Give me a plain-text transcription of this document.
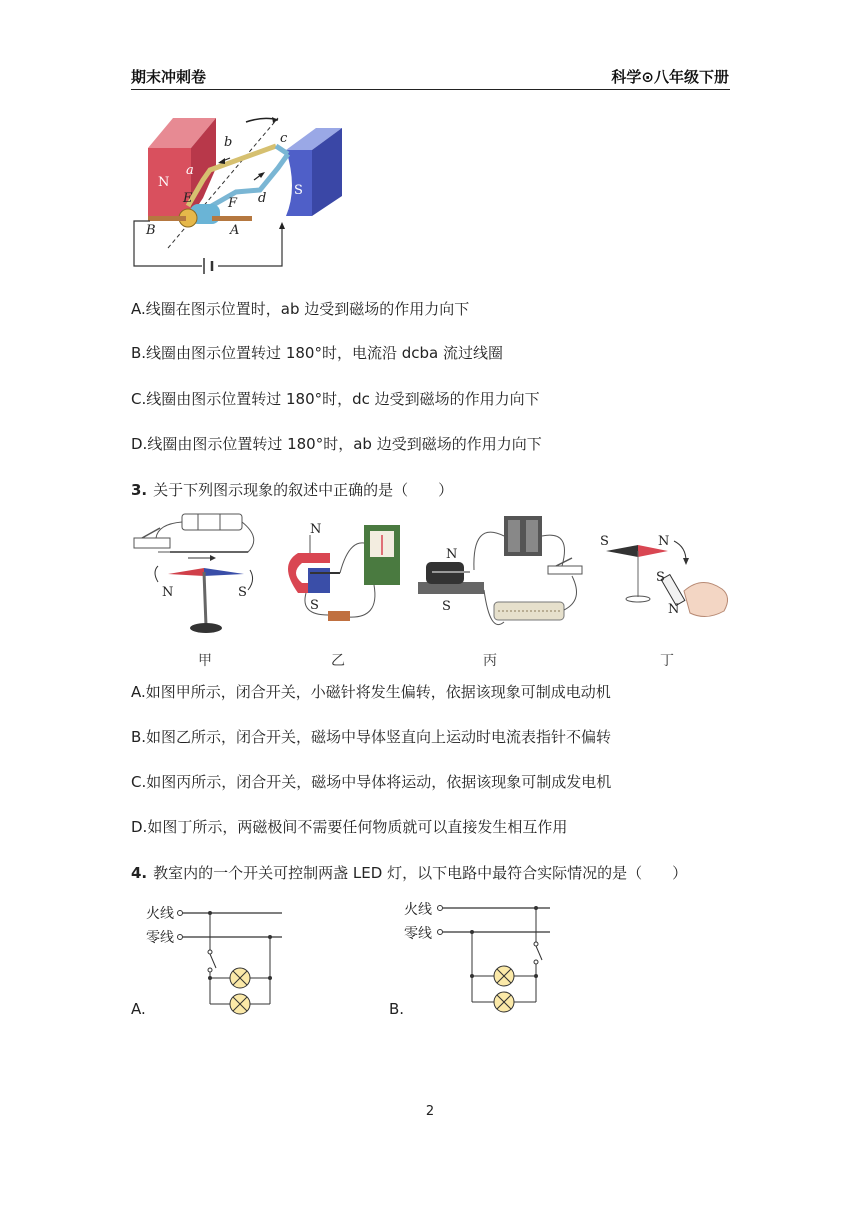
期末冲刺卷	科学⊙八年级下册
N
S
a
b	c
d
E	F
B	A
A.线圈在图示位置时，ab 边受到磁场的作用力向下
B.线圈由图示位置转过 180°时，电流沿 dcba 流过线圈
C.线圈由图示位置转过 180°时，dc 边受到磁场的作用力向下
D.线圈由图示位置转过 180°时，ab 边受到磁场的作用力向下
3. 关于下列图示现象的叙述中正确的是（　　）
N	S
N
S
N
S
S	N
S
N
甲	乙	丙	丁
A.如图甲所示，闭合开关，小磁针将发生偏转，依据该现象可制成电动机
B.如图乙所示，闭合开关，磁场中导体竖直向上运动时电流表指针不偏转
C.如图丙所示，闭合开关，磁场中导体将运动，依据该现象可制成发电机
D.如图丁所示，两磁极间不需要任何物质就可以直接发生相互作用
4. 教室内的一个开关可控制两盏 LED 灯，以下电路中最符合实际情况的是（　　）
火线
零线
A.
火线
零线
B.
2
